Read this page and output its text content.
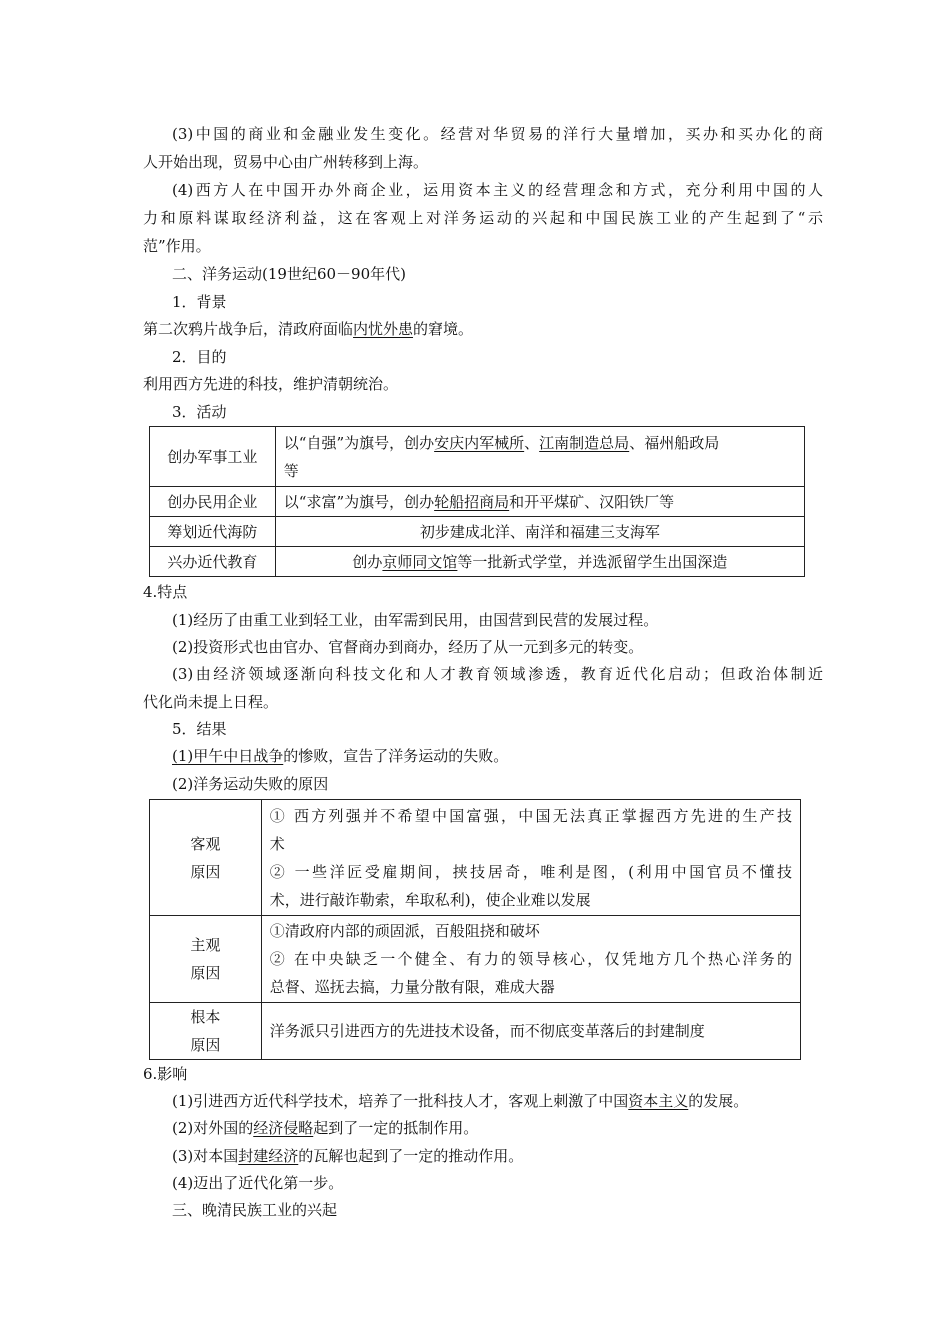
(3)中国的商业和金融业发生变化。经营对华贸易的洋行大量增加，买办和买办化的商
人开始出现，贸易中心由广州转移到上海。
(4)西方人在中国开办外商企业，运用资本主义的经营理念和方式，充分利用中国的人
力和原料谋取经济利益，这在客观上对洋务运动的兴起和中国民族工业的产生起到了“示
范”作用。
二、洋务运动(19世纪60－90年代)
1．背景
第二次鸦片战争后，清政府面临内忧外患的窘境。
2．目的
利用西方先进的科技，维护清朝统治。
3．活动
创办军事工业	以“自强”为旗号，创办安庆内军械所、江南制造总局、福州船政局
等

创办民用企业	以“求富”为旗号，创办轮船招商局和开平煤矿、汉阳铁厂等
筹划近代海防	初步建成北洋、南洋和福建三支海军
兴办近代教育	创办京师同文馆等一批新式学堂，并选派留学生出国深造
4.特点
(1)经历了由重工业到轻工业，由军需到民用，由国营到民营的发展过程。
(2)投资形式也由官办、官督商办到商办，经历了从一元到多元的转变。
(3)由经济领域逐渐向科技文化和人才教育领域渗透，教育近代化启动；但政治体制近
代化尚未提上日程。
5．结果
(1)甲午中日战争的惨败，宣告了洋务运动的失败。
(2)洋务运动失败的原因
客观
原因	① 西方列强并不希望中国富强，中国无法真正掌握西方先进的生产技
术
② 一些洋匠受雇期间，挟技居奇，唯利是图，(利用中国官员不懂技
术，进行敲诈勒索，牟取私利)，使企业难以发展

主观
原因	①清政府内部的顽固派，百般阻挠和破坏
② 在中央缺乏一个健全、有力的领导核心，仅凭地方几个热心洋务的
总督、巡抚去搞，力量分散有限，难成大器

根本
原因	洋务派只引进西方的先进技术设备，而不彻底变革落后的封建制度
6.影响
(1)引进西方近代科学技术，培养了一批科技人才，客观上刺激了中国资本主义的发展。
(2)对外国的经济侵略起到了一定的抵制作用。
(3)对本国封建经济的瓦解也起到了一定的推动作用。
(4)迈出了近代化第一步。
三、晚清民族工业的兴起
